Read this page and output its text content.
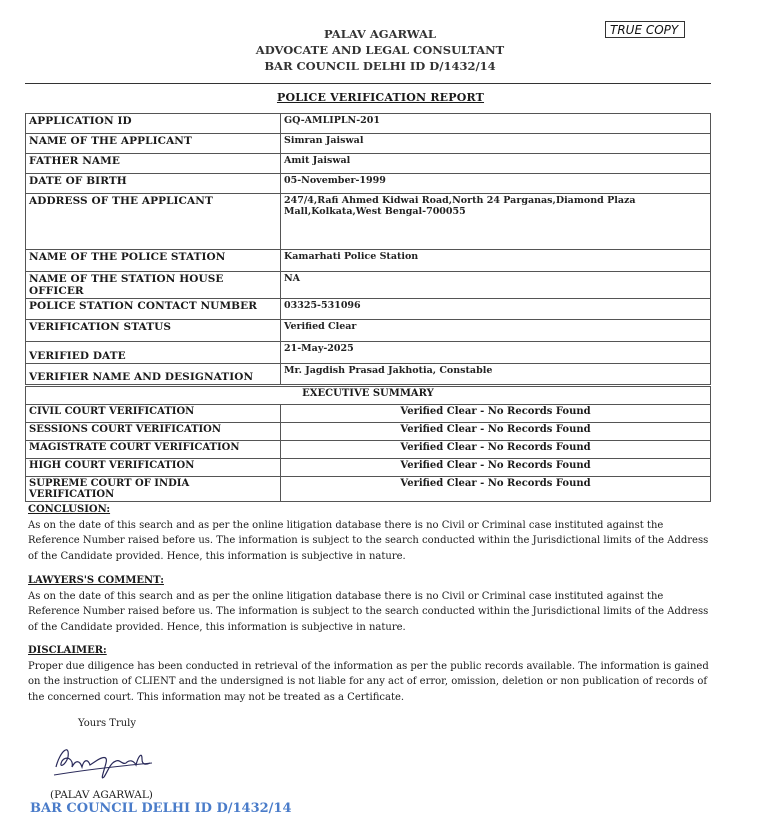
PALAV AGARWAL
ADVOCATE AND LEGAL CONSULTANT
BAR COUNCIL DELHI ID D/1432/14
TRUE COPY
POLICE VERIFICATION REPORT
APPLICATION ID	GQ-AMLIPLN-201
NAME OF THE APPLICANT	Simran Jaiswal
FATHER NAME	Amit Jaiswal
DATE OF BIRTH	05-November-1999
ADDRESS OF THE APPLICANT	247/4,Rafi Ahmed Kidwai Road,North 24 Parganas,Diamond Plaza Mall,Kolkata,West Bengal-700055
NAME OF THE POLICE STATION	Kamarhati Police Station
NAME OF THE STATION HOUSE OFFICER	NA
POLICE STATION CONTACT NUMBER	03325-531096
VERIFICATION STATUS	Verified Clear
VERIFIED DATE	21-May-2025
VERIFIER NAME AND DESIGNATION	Mr. Jagdish Prasad Jakhotia, Constable
EXECUTIVE SUMMARY	
CIVIL COURT VERIFICATION	Verified Clear - No Records Found
SESSIONS COURT VERIFICATION	Verified Clear - No Records Found
MAGISTRATE COURT VERIFICATION	Verified Clear - No Records Found
HIGH COURT VERIFICATION	Verified Clear - No Records Found
SUPREME COURT OF INDIA VERIFICATION	Verified Clear - No Records Found
CONCLUSION:
As on the date of this search and as per the online litigation database there is no Civil or Criminal case instituted against the Reference Number raised before us. The information is subject to the search conducted within the Jurisdictional limits of the Address of the Candidate provided. Hence, this information is subjective in nature.
LAWYERS'S COMMENT:
As on the date of this search and as per the online litigation database there is no Civil or Criminal case instituted against the Reference Number raised before us. The information is subject to the search conducted within the Jurisdictional limits of the Address of the Candidate provided. Hence, this information is subjective in nature.
DISCLAIMER:
Proper due diligence has been conducted in retrieval of the information as per the public records available. The information is gained on the instruction of CLIENT and the undersigned is not liable for any act of error, omission, deletion or non publication of records of the concerned court. This information may not be treated as a Certificate.
Yours Truly
(PALAV AGARWAL)
BAR COUNCIL DELHI ID D/1432/14
